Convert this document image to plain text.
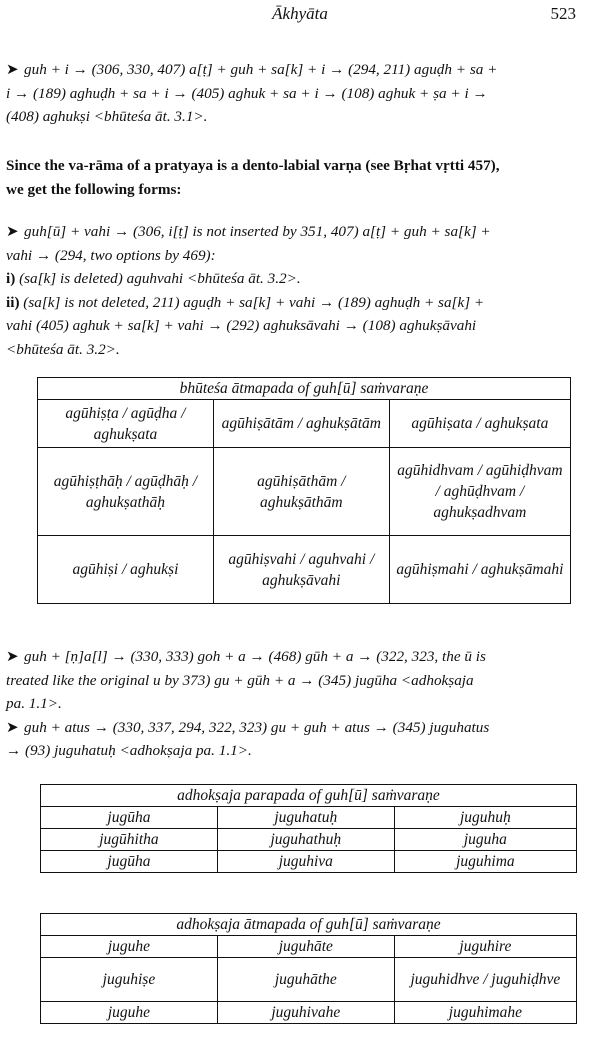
Ākhyāta	523
➤ guh + i → (306, 330, 407) a[ṭ] + guh + sa[k] + i → (294, 211) aguḍh + sa +
i → (189) aghuḍh + sa + i → (405) aghuk + sa + i → (108) aghuk + ṣa + i →
(408) aghukṣi <bhūteśa āt. 3.1>.
Since the va-rāma of a pratyaya is a dento-labial varṇa (see Bṛhat vṛtti 457),
we get the following forms:
➤ guh[ū] + vahi → (306, i[ṭ] is not inserted by 351, 407) a[ṭ] + guh + sa[k] +
vahi → (294, two options by 469):
i) (sa[k] is deleted) aguhvahi <bhūteśa āt. 3.2>.
ii) (sa[k] is not deleted, 211) aguḍh + sa[k] + vahi → (189) aghuḍh + sa[k] +
vahi (405) aghuk + sa[k] + vahi → (292) aghuksāvahi → (108) aghukṣāvahi
<bhūteśa āt. 3.2>.
bhūteśa ātmapada of guh[ū] saṁvaraṇe		
agūhiṣṭa / agūḍha / aghukṣata	agūhiṣātām / aghukṣātām	agūhiṣata / aghukṣata
agūhiṣṭhāḥ / agūḍhāḥ / aghukṣathāḥ	agūhiṣāthām / aghukṣāthām	agūhidhvam / agūhiḍhvam / aghūḍhvam / aghukṣadhvam
agūhiṣi / aghukṣi	agūhiṣvahi / aguhvahi / aghukṣāvahi	agūhiṣmahi / aghukṣāmahi
➤ guh + [ṇ]a[l] → (330, 333) goh + a → (468) gūh + a → (322, 323, the ū is
treated like the original u by 373) gu + gūh + a → (345) jugūha <adhokṣaja
pa. 1.1>.
➤ guh + atus → (330, 337, 294, 322, 323) gu + guh + atus → (345) juguhatus
→ (93) juguhatuḥ <adhokṣaja pa. 1.1>.
adhokṣaja parapada of guh[ū] saṁvaraṇe		
jugūha	juguhatuḥ	juguhuḥ
jugūhitha	juguhathuḥ	juguha
jugūha	juguhiva	juguhima
adhokṣaja ātmapada of guh[ū] saṁvaraṇe		
juguhe	juguhāte	juguhire
juguhiṣe	juguhāthe	juguhidhve / juguhiḍhve
juguhe	juguhivahe	juguhimahe
